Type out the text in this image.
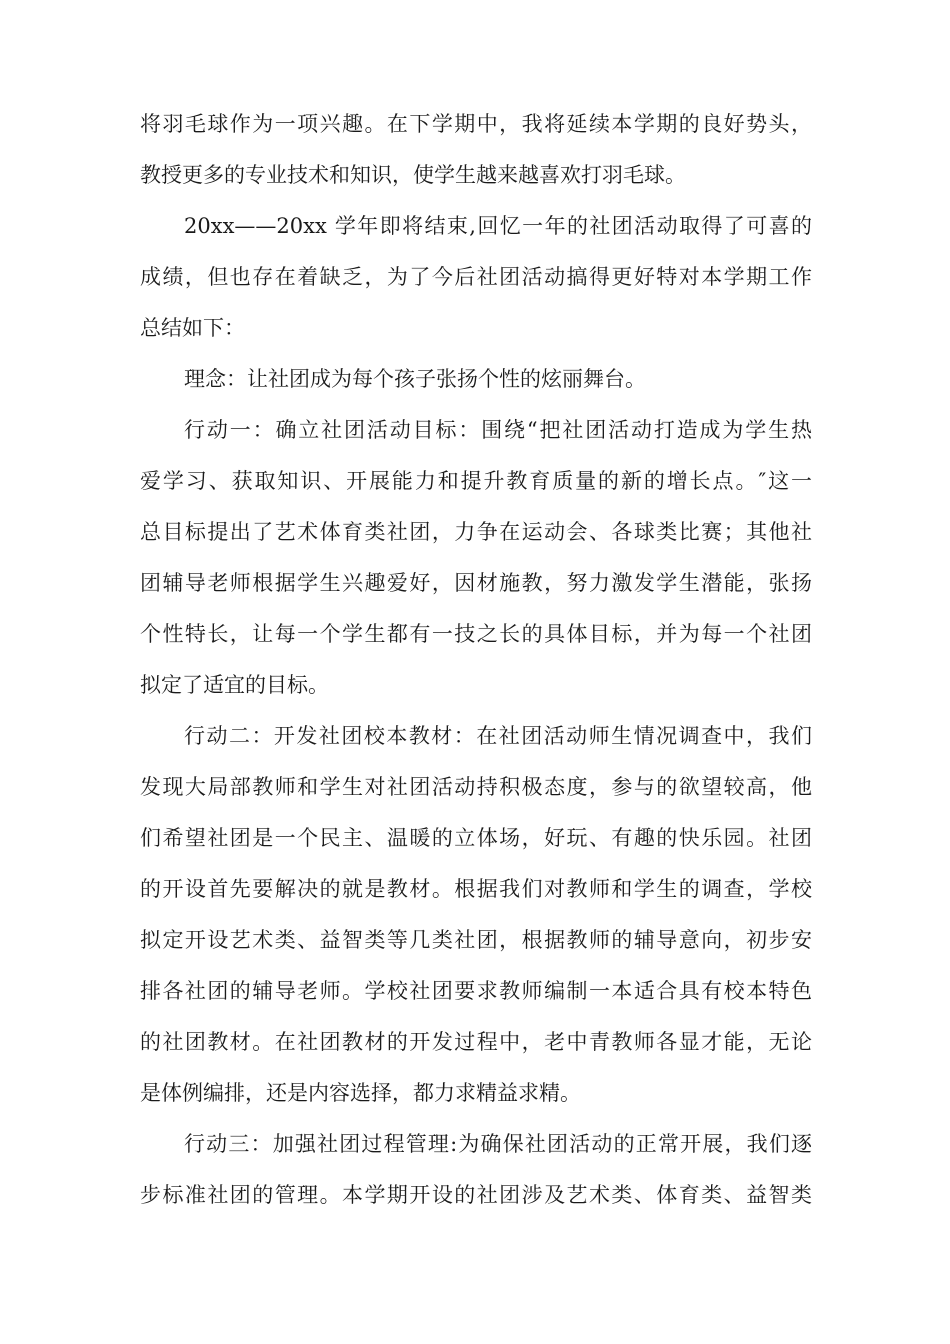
将羽毛球作为一项兴趣。在下学期中，我将延续本学期的良好势头，
教授更多的专业技术和知识，使学生越来越喜欢打羽毛球。
20xx——20xx 学年即将结束,回忆一年的社团活动取得了可喜的
成绩，但也存在着缺乏，为了今后社团活动搞得更好特对本学期工作
总结如下：
理念：让社团成为每个孩子张扬个性的炫丽舞台。
行动一：确立社团活动目标：围绕“把社团活动打造成为学生热
爱学习、获取知识、开展能力和提升教育质量的新的增长点。″这一
总目标提出了艺术体育类社团，力争在运动会、各球类比赛；其他社
团辅导老师根据学生兴趣爱好，因材施教，努力激发学生潜能，张扬
个性特长，让每一个学生都有一技之长的具体目标，并为每一个社团
拟定了适宜的目标。
行动二：开发社团校本教材：在社团活动师生情况调查中，我们
发现大局部教师和学生对社团活动持积极态度，参与的欲望较高，他
们希望社团是一个民主、温暖的立体场，好玩、有趣的快乐园。社团
的开设首先要解决的就是教材。根据我们对教师和学生的调查，学校
拟定开设艺术类、益智类等几类社团，根据教师的辅导意向，初步安
排各社团的辅导老师。学校社团要求教师编制一本适合具有校本特色
的社团教材。在社团教材的开发过程中，老中青教师各显才能，无论
是体例编排，还是内容选择，都力求精益求精。
行动三：加强社团过程管理:为确保社团活动的正常开展，我们逐
步标准社团的管理。本学期开设的社团涉及艺术类、体育类、益智类
